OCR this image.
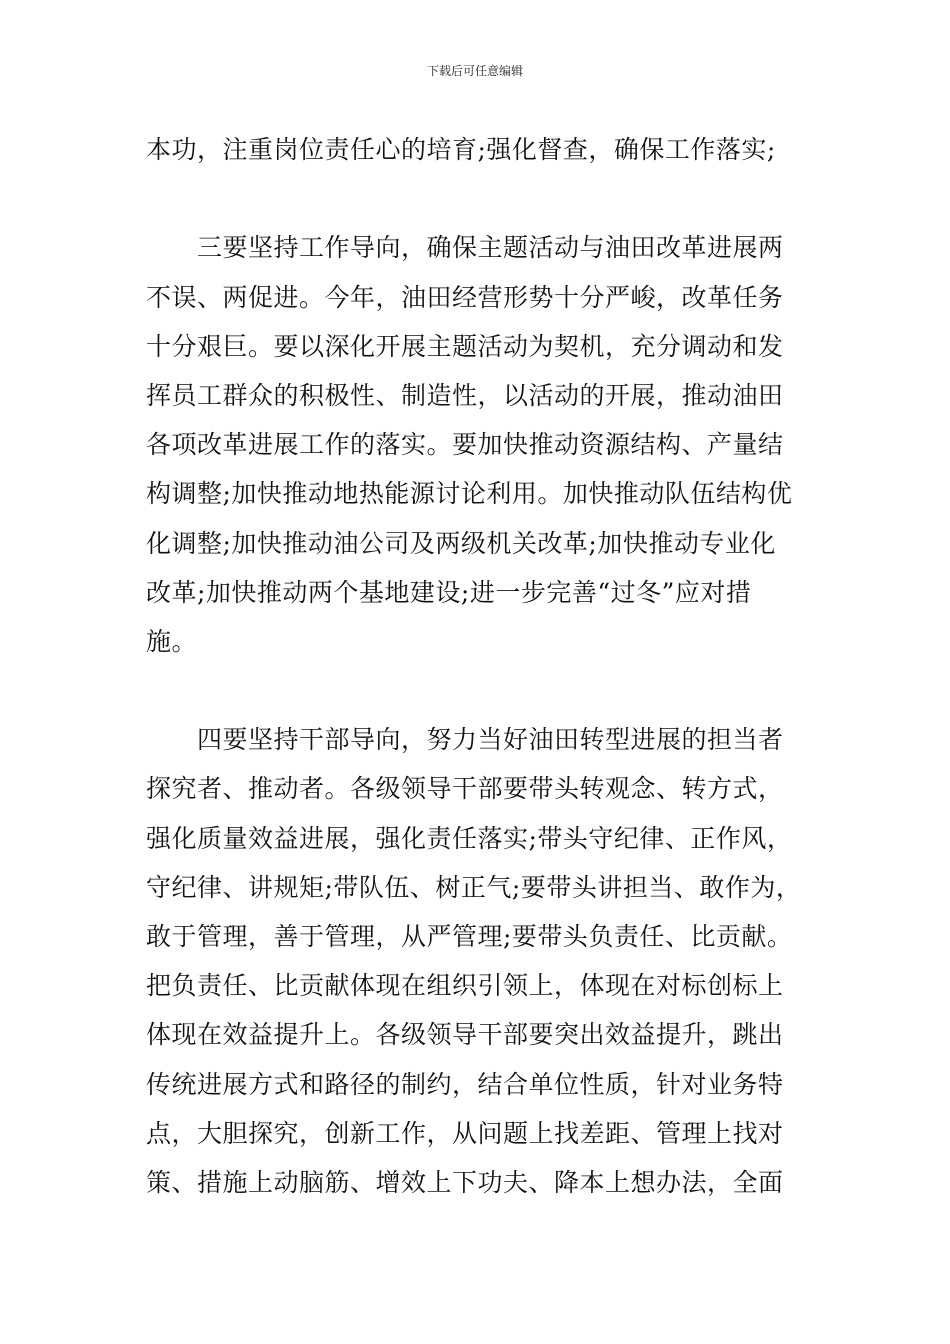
下载后可任意编辑
本功，注重岗位责任心的培育;强化督查，确保工作落实;
三要坚持工作导向，确保主题活动与油田改革进展两
不误、两促进。今年，油田经营形势十分严峻，改革任务
十分艰巨。要以深化开展主题活动为契机，充分调动和发
挥员工群众的积极性、制造性，以活动的开展，推动油田
各项改革进展工作的落实。要加快推动资源结构、产量结
构调整;加快推动地热能源讨论利用。加快推动队伍结构优
化调整;加快推动油公司及两级机关改革;加快推动专业化
改革;加快推动两个基地建设;进一步完善“过冬”应对措
施。
四要坚持干部导向，努力当好油田转型进展的担当者
探究者、推动者。各级领导干部要带头转观念、转方式，
强化质量效益进展，强化责任落实;带头守纪律、正作风，
守纪律、讲规矩;带队伍、树正气;要带头讲担当、敢作为，
敢于管理，善于管理，从严管理;要带头负责任、比贡献。
把负责任、比贡献体现在组织引领上，体现在对标创标上
体现在效益提升上。各级领导干部要突出效益提升，跳出
传统进展方式和路径的制约，结合单位性质，针对业务特
点，大胆探究，创新工作，从问题上找差距、管理上找对
策、措施上动脑筋、增效上下功夫、降本上想办法，全面
